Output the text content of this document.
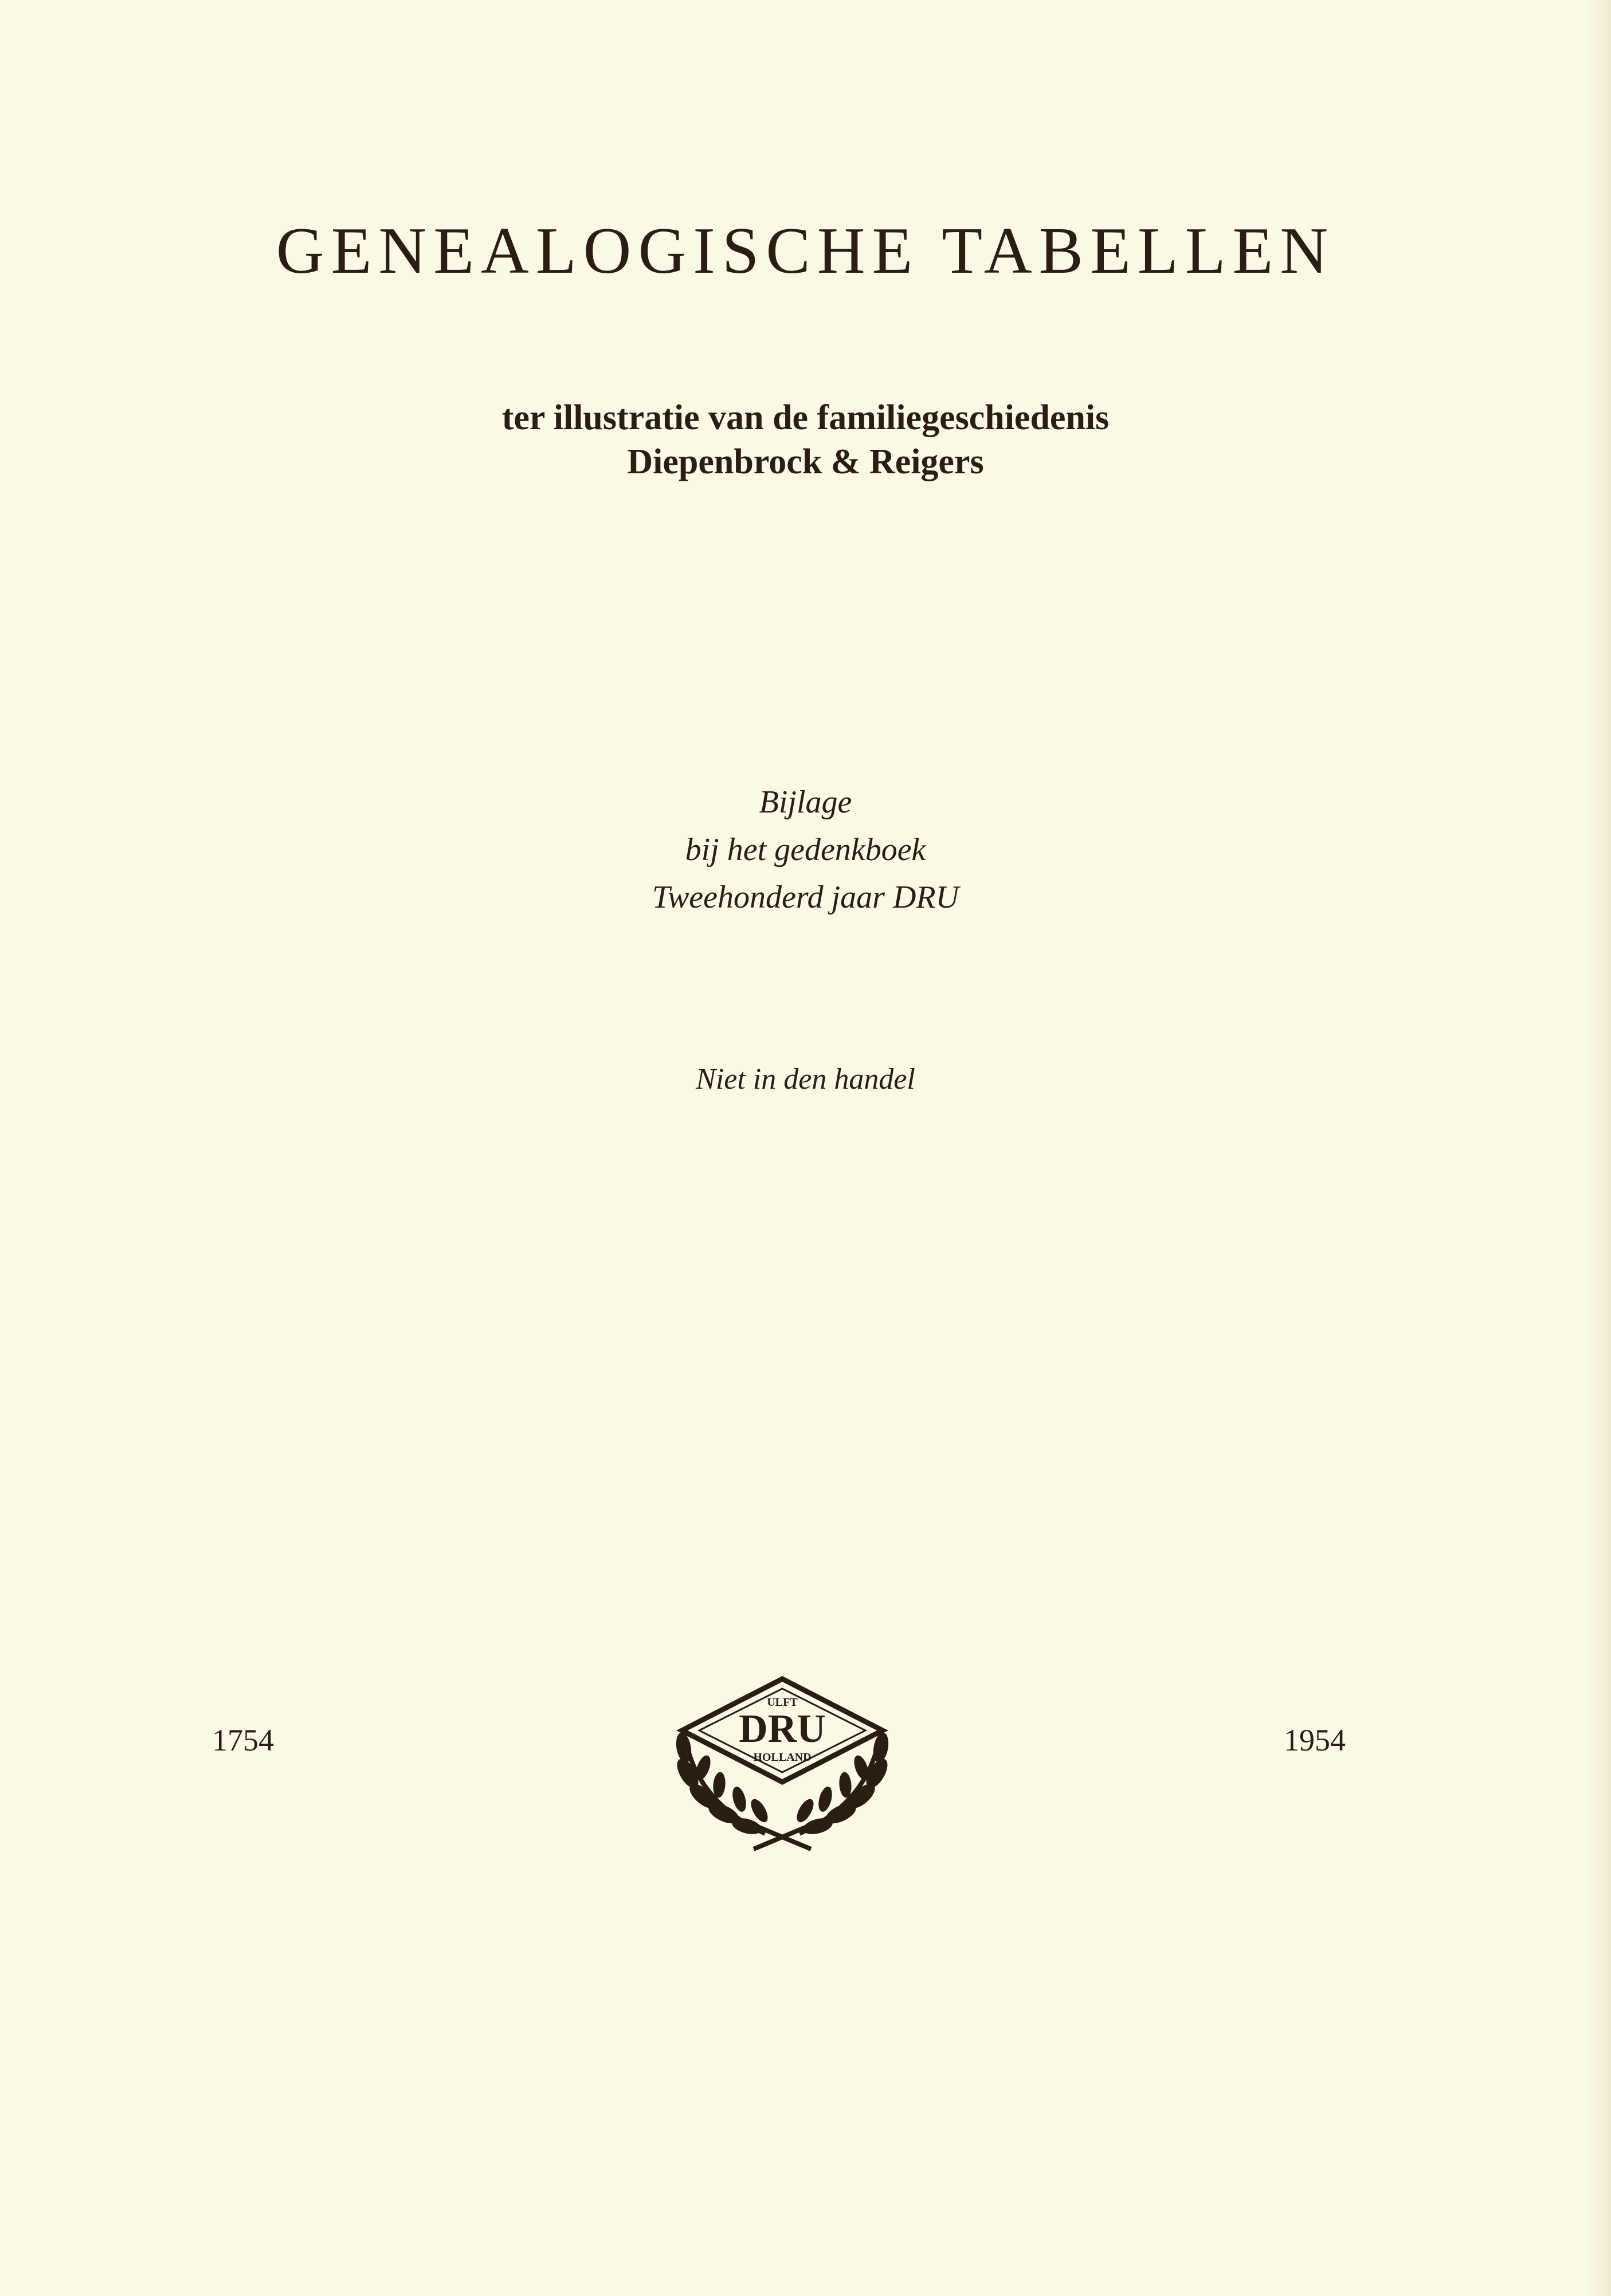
GENEALOGISCHE TABELLEN
ter illustratie van de familiegeschiedenis
Diepenbrock & Reigers
Bijlage
bij het gedenkboek
Tweehonderd jaar DRU
Niet in den handel
1754	1954
ULFT
DRU
HOLLAND
